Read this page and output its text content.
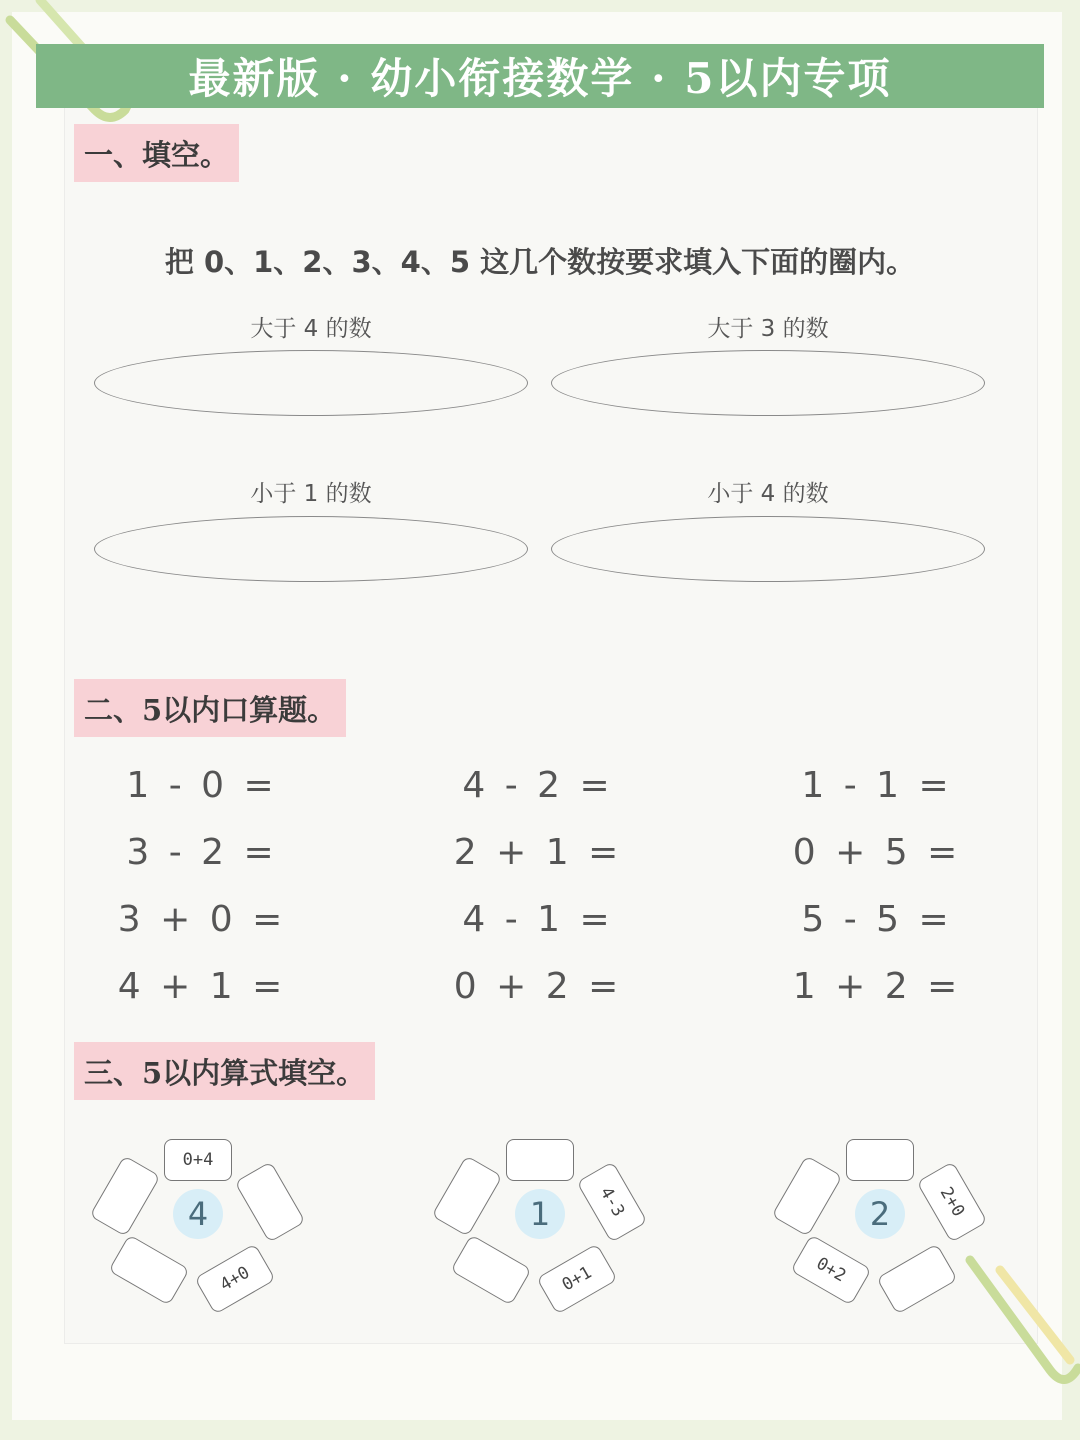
最新版 · 幼小衔接数学 · 5以内专项
一、填空。
把 0、1、2、3、4、5 这几个数按要求填入下面的圈内。
大于 4 的数	大于 3 的数
小于 1 的数	小于 4 的数
二、5以内口算题。
1 - 0 =	4 - 2 =	1 - 1 =
3 - 2 =	2 + 1 =	0 + 5 =
3 + 0 =	4 - 1 =	5 - 5 =
4 + 1 =	0 + 2 =	1 + 2 =
三、5以内算式填空。
4
0+4
4+0
1	4-3
0+1
2	2+0
0+2
